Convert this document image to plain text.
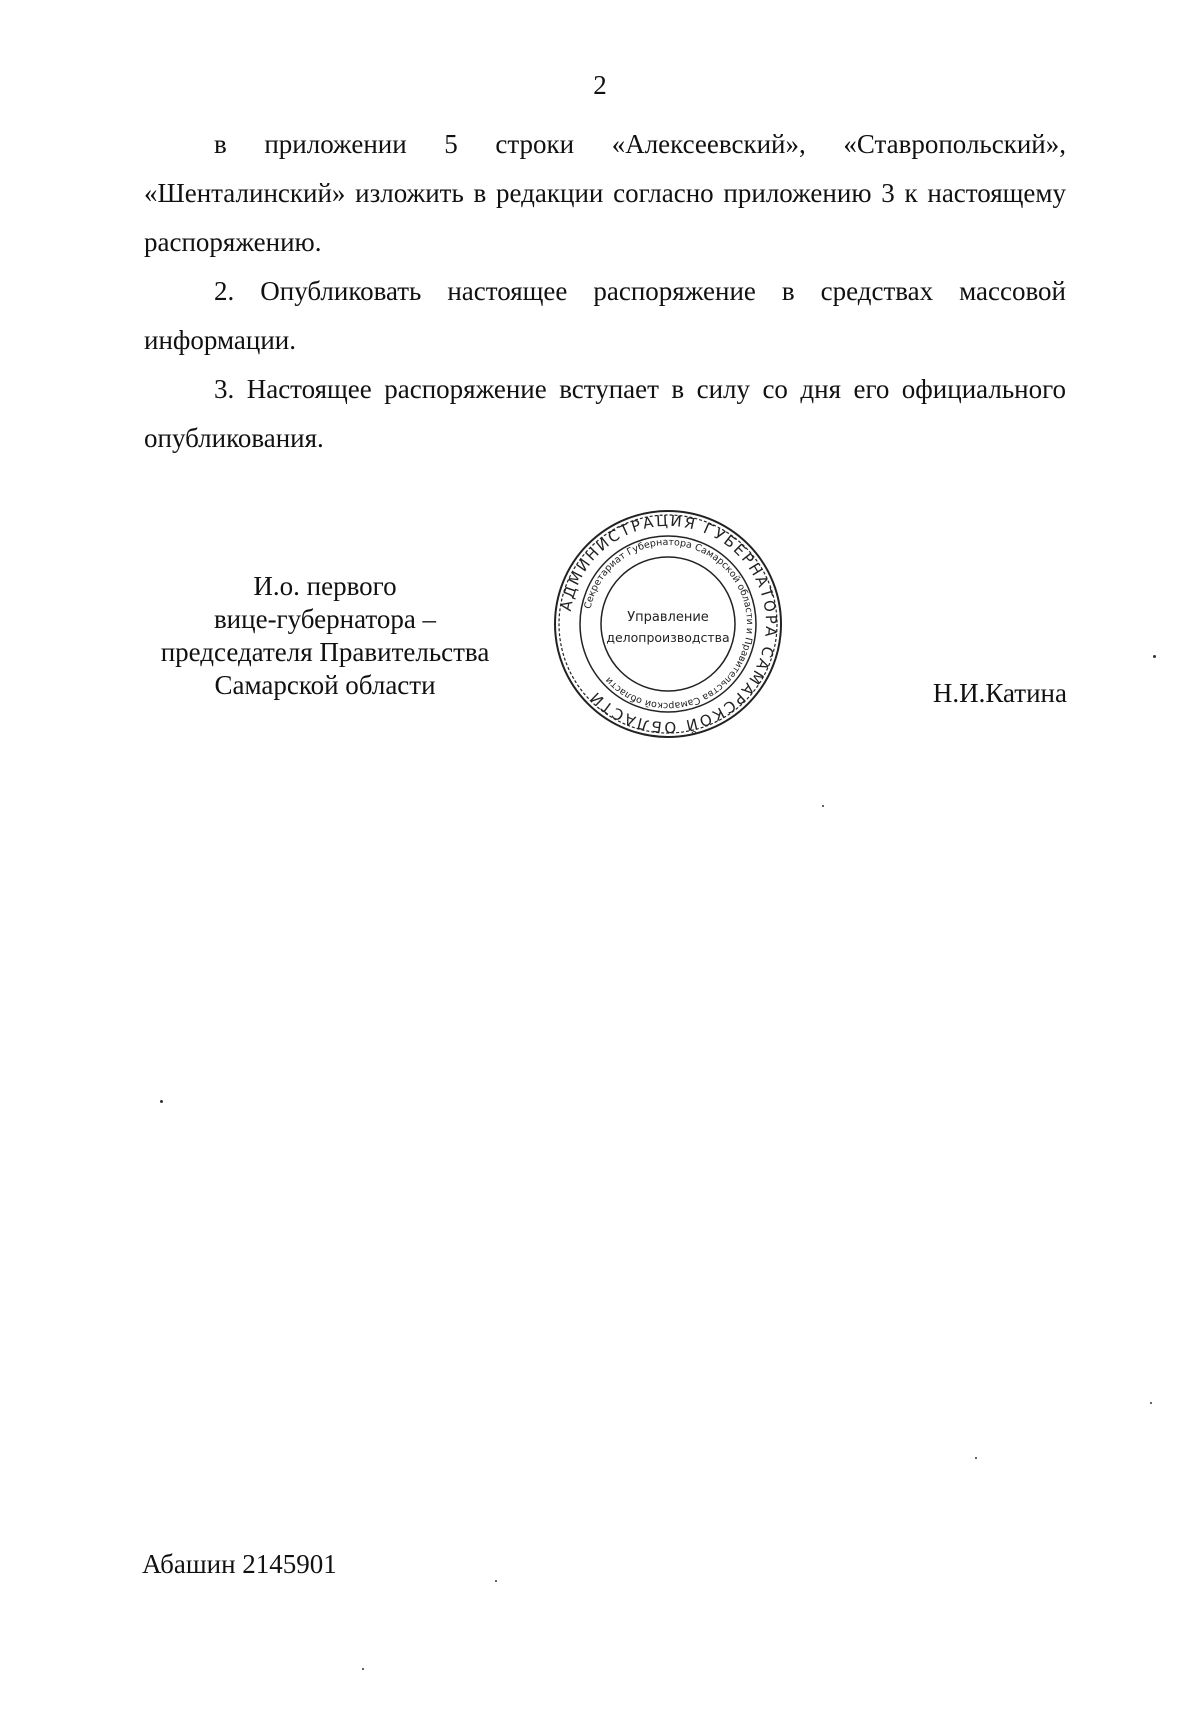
2

в приложении 5 строки «Алексеевский», «Ставропольский», «Шенталинский» изложить в редакции согласно приложению 3 к настоящему распоряжению.

2. Опубликовать настоящее распоряжение в средствах массовой информации.

3. Настоящее распоряжение вступает в силу со дня его официального опубликования.

И.о. первого
вице-губернатора –
председателя Правительства
Самарской области
АДМИНИСТРАЦИЯ ГУБЕРНАТОРА САМАРСКОЙ ОБЛАСТИ
Секретариат Губернатора Самарской области и Правительства Самарской области
Управление
делопроизводства
Н.И.Катина
Абашин 2145901
